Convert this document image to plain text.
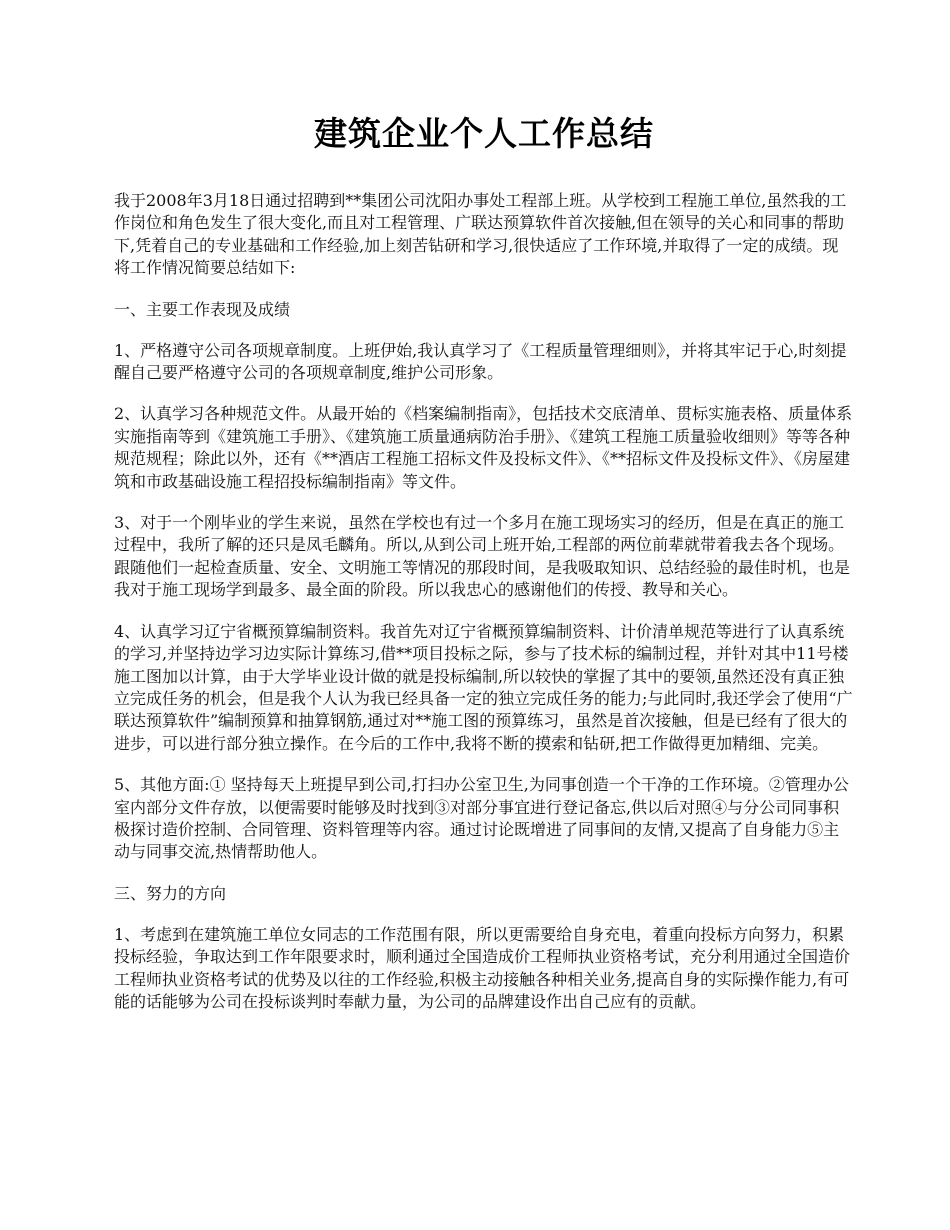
建筑企业个人工作总结

我于2008年3月18日通过招聘到**集团公司沈阳办事处工程部上班。从学校到工程施工单位,虽然我的工作岗位和角色发生了很大变化,而且对工程管理、广联达预算软件首次接触,但在领导的关心和同事的帮助下,凭着自己的专业基础和工作经验,加上刻苦钻研和学习,很快适应了工作环境,并取得了一定的成绩。现将工作情况简要总结如下:

一、主要工作表现及成绩

1、严格遵守公司各项规章制度。上班伊始,我认真学习了《工程质量管理细则》，并将其牢记于心,时刻提醒自己要严格遵守公司的各项规章制度,维护公司形象。

2、认真学习各种规范文件。从最开始的《档案编制指南》，包括技术交底清单、贯标实施表格、质量体系实施指南等到《建筑施工手册》、《建筑施工质量通病防治手册》、《建筑工程施工质量验收细则》等等各种规范规程；除此以外，还有《**酒店工程施工招标文件及投标文件》、《**招标文件及投标文件》、《房屋建筑和市政基础设施工程招投标编制指南》等文件。

3、对于一个刚毕业的学生来说，虽然在学校也有过一个多月在施工现场实习的经历，但是在真正的施工过程中，我所了解的还只是凤毛麟角。所以,从到公司上班开始,工程部的两位前辈就带着我去各个现场。跟随他们一起检查质量、安全、文明施工等情况的那段时间，是我吸取知识、总结经验的最佳时机，也是我对于施工现场学到最多、最全面的阶段。所以我忠心的感谢他们的传授、教导和关心。

4、认真学习辽宁省概预算编制资料。我首先对辽宁省概预算编制资料、计价清单规范等进行了认真系统的学习,并坚持边学习边实际计算练习,借**项目投标之际，参与了技术标的编制过程，并针对其中11号楼施工图加以计算，由于大学毕业设计做的就是投标编制,所以较快的掌握了其中的要领,虽然还没有真正独立完成任务的机会，但是我个人认为我已经具备一定的独立完成任务的能力;与此同时,我还学会了使用“广联达预算软件”编制预算和抽算钢筋,通过对**施工图的预算练习，虽然是首次接触，但是已经有了很大的进步，可以进行部分独立操作。在今后的工作中,我将不断的摸索和钻研,把工作做得更加精细、完美。

5、其他方面:① 坚持每天上班提早到公司,打扫办公室卫生,为同事创造一个干净的工作环境。②管理办公室内部分文件存放，以便需要时能够及时找到③对部分事宜进行登记备忘,供以后对照④与分公司同事积极探讨造价控制、合同管理、资料管理等内容。通过讨论既增进了同事间的友情,又提高了自身能力⑤主动与同事交流,热情帮助他人。

三、努力的方向

1、考虑到在建筑施工单位女同志的工作范围有限，所以更需要给自身充电，着重向投标方向努力，积累投标经验，争取达到工作年限要求时，顺利通过全国造成价工程师执业资格考试，充分利用通过全国造价工程师执业资格考试的优势及以往的工作经验,积极主动接触各种相关业务,提高自身的实际操作能力,有可能的话能够为公司在投标谈判时奉献力量，为公司的品牌建设作出自己应有的贡献。
